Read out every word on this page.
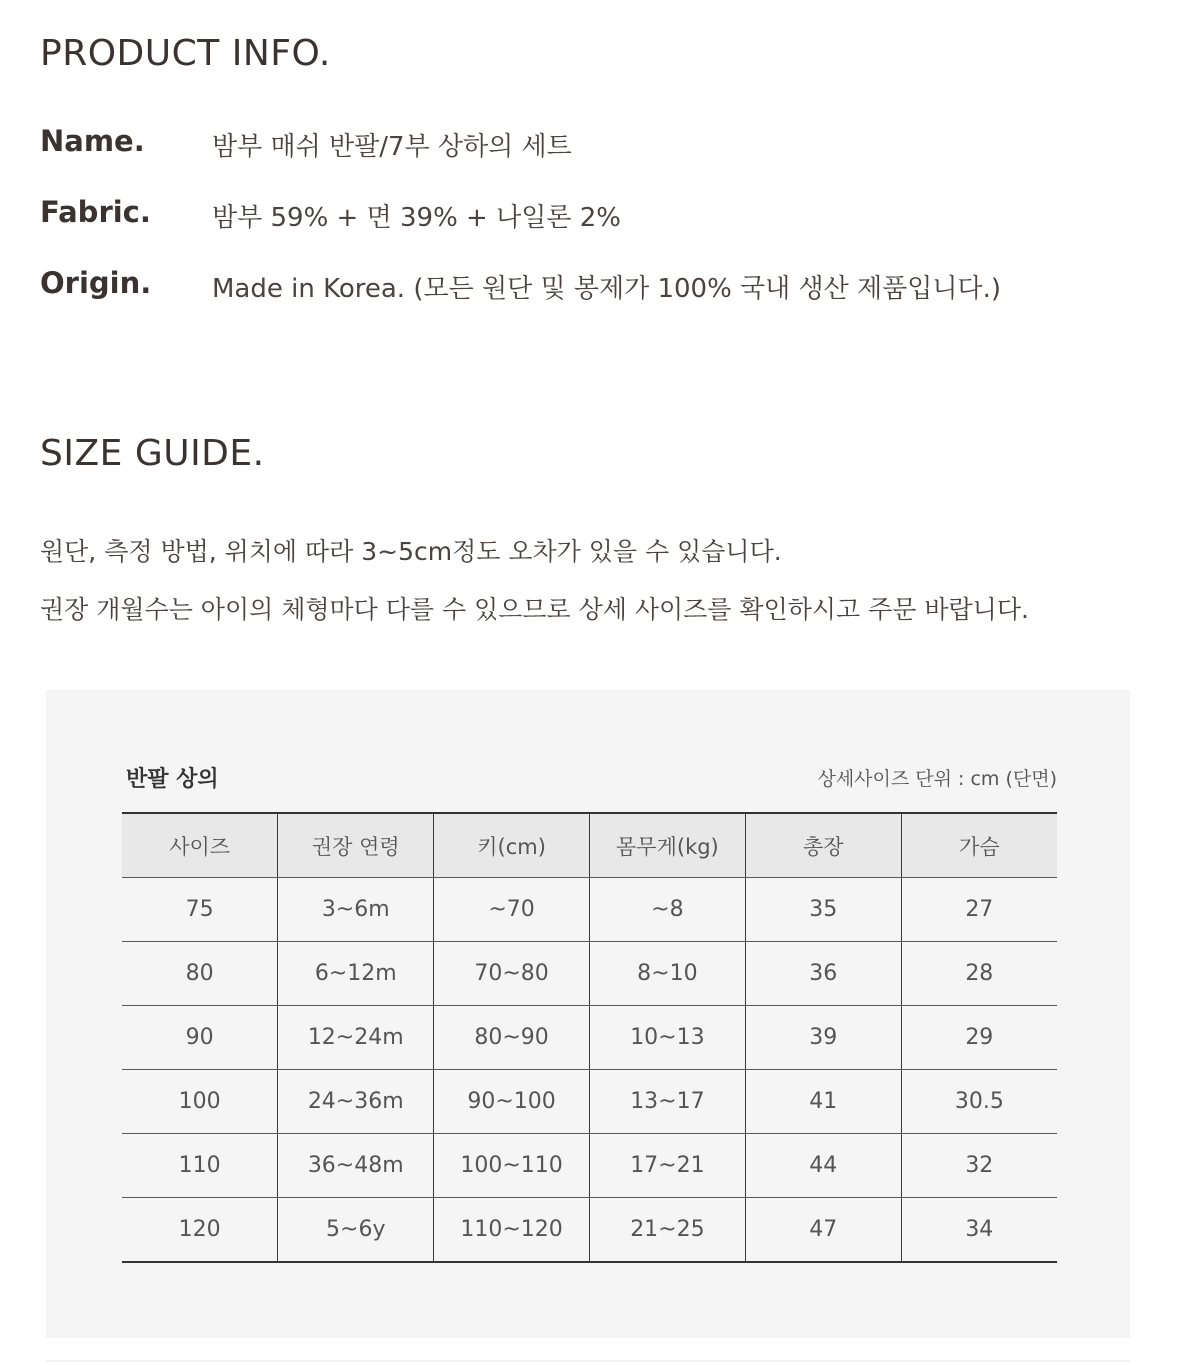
PRODUCT INFO.
Name.	밤부 매쉬 반팔/7부 상하의 세트
Fabric. 밤부 59% + 면 39% + 나일론 2%
Origin. Made in Korea. (모든 원단 및 봉제가 100% 국내 생산 제품입니다.)
SIZE GUIDE.

원단, 측정 방법, 위치에 따라 3~5cm정도 오차가 있을 수 있습니다.

권장 개월수는 아이의 체형마다 다를 수 있으므로 상세 사이즈를 확인하시고 주문 바랍니다.

반팔 상의	상세사이즈 단위 : cm (단면)
사이즈	권장 연령	키(cm)	몸무게(kg)	총장	가슴
75	3~6m	~70	~8	35	27
80	6~12m	70~80	8~10	36	28
90	12~24m	80~90	10~13	39	29
100	24~36m	90~100	13~17	41	30.5
110	36~48m	100~110	17~21	44	32
120	5~6y	110~120	21~25	47	34
